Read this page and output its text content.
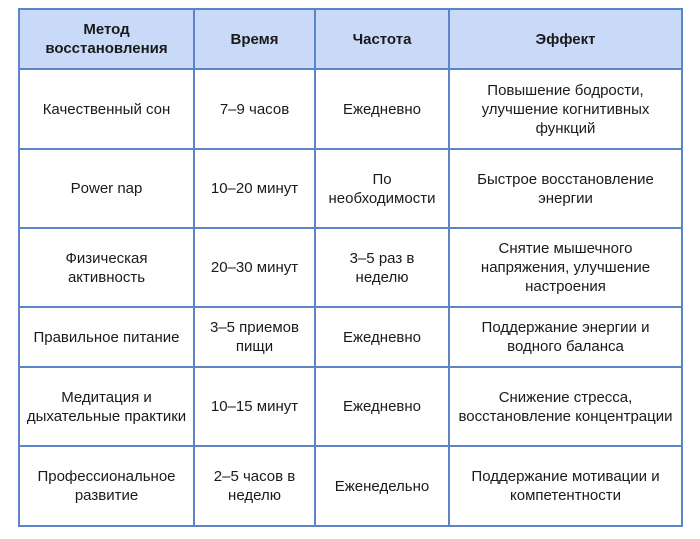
Метод восстановления	Время	Частота	Эффект
Качественный сон	7–9 часов	Ежедневно	Повышение бодрости, улучшение когнитивных функций
Power nap	10–20 минут	По необходимости	Быстрое восстановление энергии
Физическая активность	20–30 минут	3–5 раз в неделю	Снятие мышечного напряжения, улучшение настроения
Правильное питание	3–5 приемов пищи	Ежедневно	Поддержание энергии и водного баланса
Медитация и дыхательные практики	10–15 минут	Ежедневно	Снижение стресса, восстановление концентрации
Профессиональное развитие	2–5 часов в неделю	Еженедельно	Поддержание мотивации и компетентности
